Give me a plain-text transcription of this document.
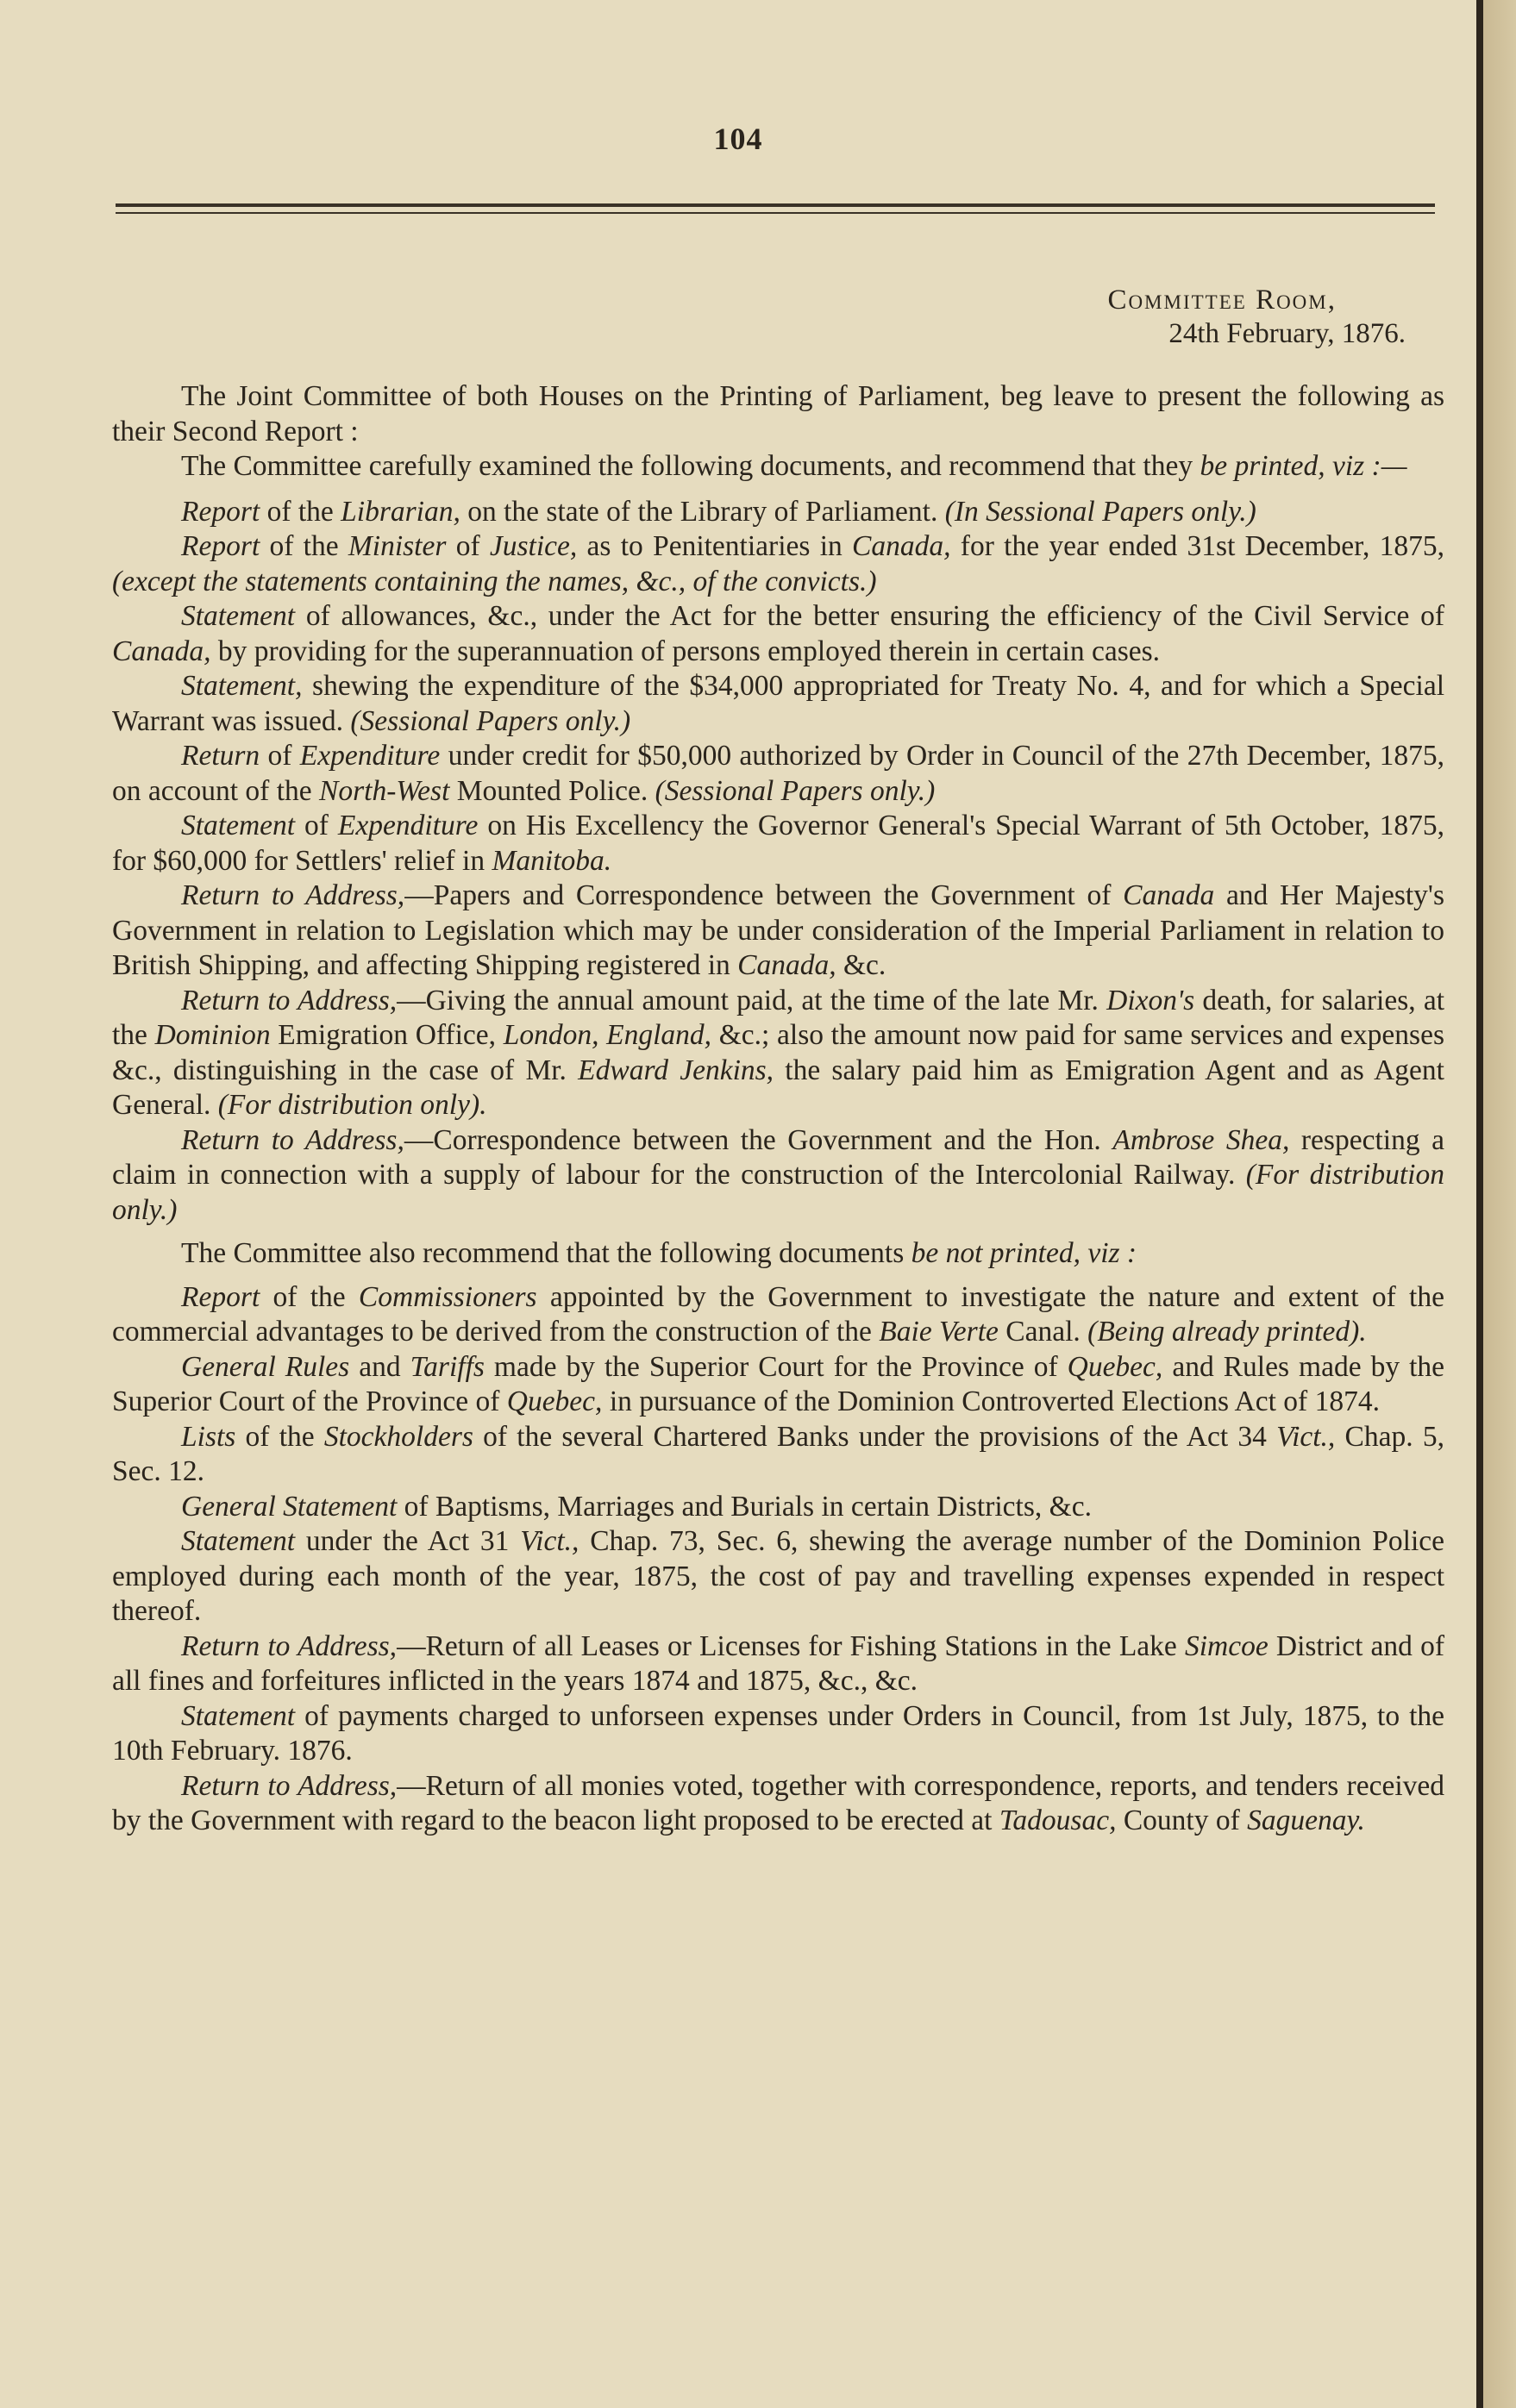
104
Committee Room,
24th February, 1876.

The Joint Committee of both Houses on the Printing of Parliament, beg leave to present the following as their Second Report :

The Committee carefully examined the following documents, and recommend that they be printed, viz :—

Report of the Librarian, on the state of the Library of Parliament. (In Sessional Papers only.)

Report of the Minister of Justice, as to Penitentiaries in Canada, for the year ended 31st December, 1875, (except the statements containing the names, &c., of the convicts.)

Statement of allowances, &c., under the Act for the better ensuring the efficiency of the Civil Service of Canada, by providing for the superannuation of persons employed therein in certain cases.

Statement, shewing the expenditure of the $34,000 appropriated for Treaty No. 4, and for which a Special Warrant was issued. (Sessional Papers only.)

Return of Expenditure under credit for $50,000 authorized by Order in Council of the 27th December, 1875, on account of the North-West Mounted Police. (Sessional Papers only.)

Statement of Expenditure on His Excellency the Governor General's Special Warrant of 5th October, 1875, for $60,000 for Settlers' relief in Manitoba.

Return to Address,—Papers and Correspondence between the Government of Canada and Her Majesty's Government in relation to Legislation which may be under consideration of the Imperial Parliament in relation to British Shipping, and affecting Shipping registered in Canada, &c.

Return to Address,—Giving the annual amount paid, at the time of the late Mr. Dixon's death, for salaries, at the Dominion Emigration Office, London, England, &c.; also the amount now paid for same services and expenses &c., distinguishing in the case of Mr. Edward Jenkins, the salary paid him as Emigration Agent and as Agent General. (For distribution only).

Return to Address,—Correspondence between the Government and the Hon. Ambrose Shea, respecting a claim in connection with a supply of labour for the construction of the Intercolonial Railway. (For distribution only.)

The Committee also recommend that the following documents be not printed, viz :

Report of the Commissioners appointed by the Government to investigate the nature and extent of the commercial advantages to be derived from the construction of the Baie Verte Canal. (Being already printed).

General Rules and Tariffs made by the Superior Court for the Province of Quebec, and Rules made by the Superior Court of the Province of Quebec, in pursuance of the Dominion Controverted Elections Act of 1874.

Lists of the Stockholders of the several Chartered Banks under the provisions of the Act 34 Vict., Chap. 5, Sec. 12.

General Statement of Baptisms, Marriages and Burials in certain Districts, &c.

Statement under the Act 31 Vict., Chap. 73, Sec. 6, shewing the average number of the Dominion Police employed during each month of the year, 1875, the cost of pay and travelling expenses expended in respect thereof.

Return to Address,—Return of all Leases or Licenses for Fishing Stations in the Lake Simcoe District and of all fines and forfeitures inflicted in the years 1874 and 1875, &c., &c.

Statement of payments charged to unforseen expenses under Orders in Council, from 1st July, 1875, to the 10th February. 1876.

Return to Address,—Return of all monies voted, together with correspondence, reports, and tenders received by the Government with regard to the beacon light proposed to be erected at Tadousac, County of Saguenay.
